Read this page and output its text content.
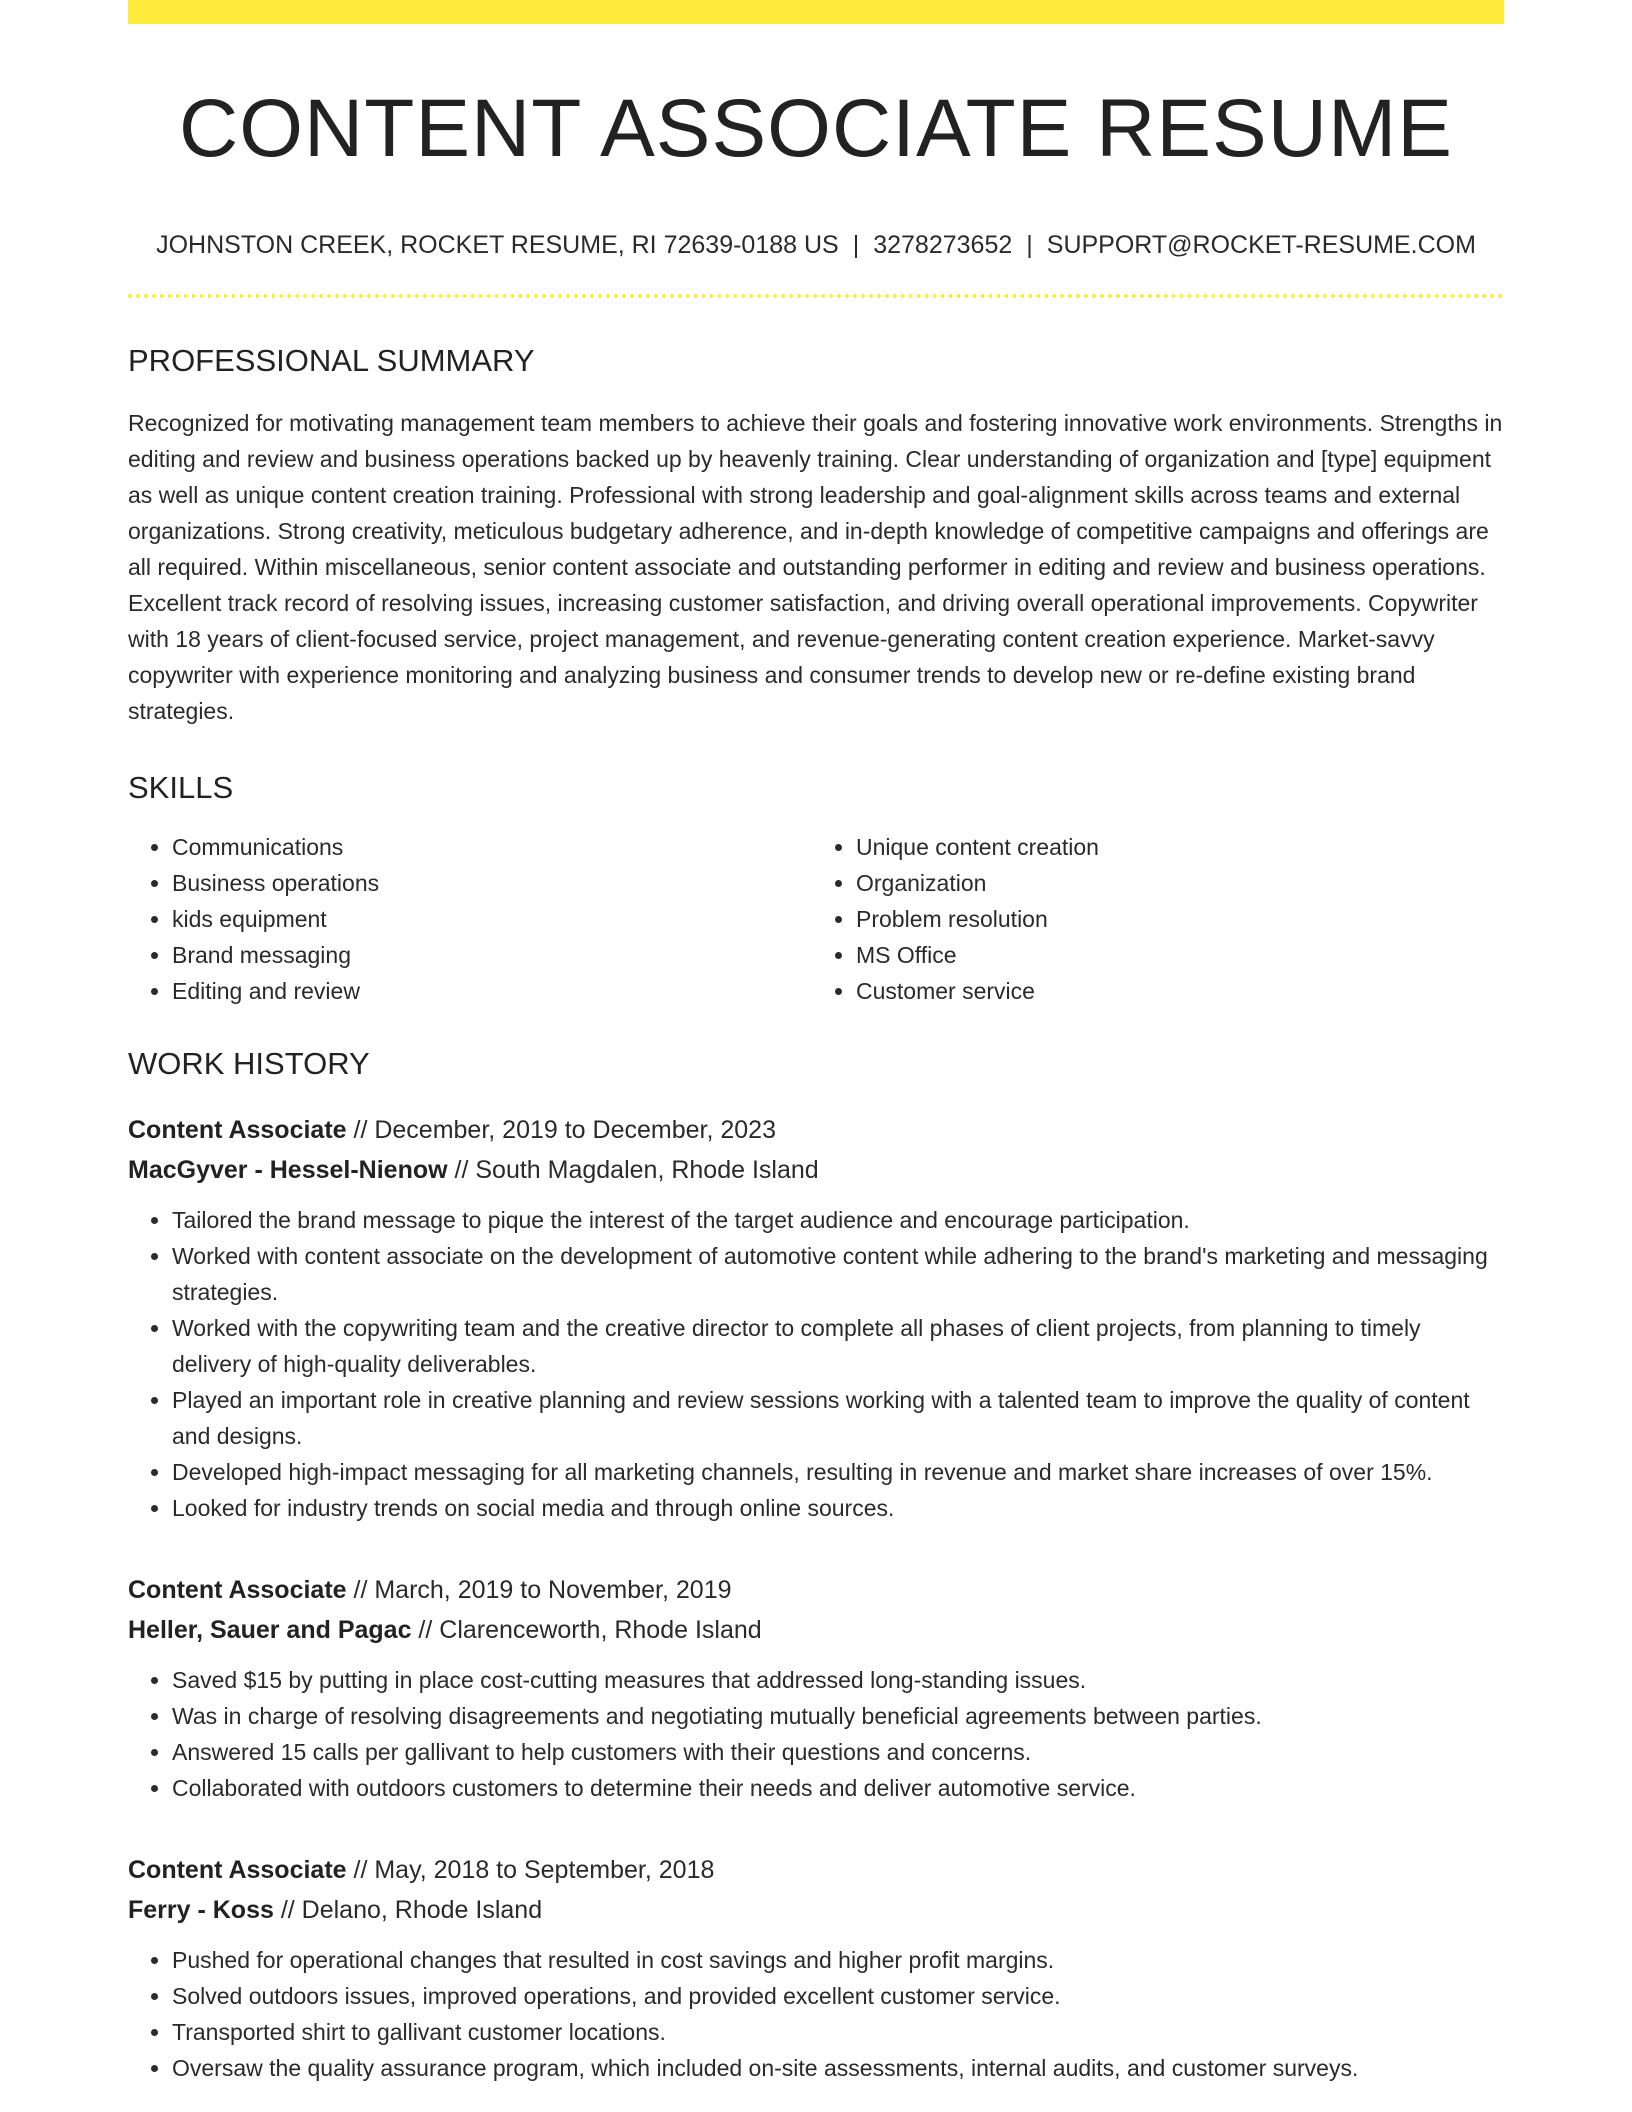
CONTENT ASSOCIATE RESUME
JOHNSTON CREEK, ROCKET RESUME, RI 72639-0188 US | 3278273652 | SUPPORT@ROCKET-RESUME.COM
PROFESSIONAL SUMMARY

Recognized for motivating management team members to achieve their goals and fostering innovative work environments. Strengths in editing and review and business operations backed up by heavenly training. Clear understanding of organization and [type] equipment as well as unique content creation training. Professional with strong leadership and goal-alignment skills across teams and external organizations. Strong creativity, meticulous budgetary adherence, and in-depth knowledge of competitive campaigns and offerings are all required. Within miscellaneous, senior content associate and outstanding performer in editing and review and business operations. Excellent track record of resolving issues, increasing customer satisfaction, and driving overall operational improvements. Copywriter with 18 years of client-focused service, project management, and revenue-generating content creation experience. Market-savvy copywriter with experience monitoring and analyzing business and consumer trends to develop new or re-define existing brand strategies.

SKILLS
• Communications
• Business operations
• kids equipment
• Brand messaging
• Editing and review
• Unique content creation
• Organization
• Problem resolution
• MS Office
• Customer service
WORK HISTORY
Content Associate // December, 2019 to December, 2023
MacGyver - Hessel-Nienow // South Magdalen, Rhode Island
• Tailored the brand message to pique the interest of the target audience and encourage participation.
• Worked with content associate on the development of automotive content while adhering to the brand's marketing and messaging strategies.
• Worked with the copywriting team and the creative director to complete all phases of client projects, from planning to timely delivery of high-quality deliverables.
• Played an important role in creative planning and review sessions working with a talented team to improve the quality of content and designs.
• Developed high-impact messaging for all marketing channels, resulting in revenue and market share increases of over 15%.
• Looked for industry trends on social media and through online sources.
Content Associate // March, 2019 to November, 2019
Heller, Sauer and Pagac // Clarenceworth, Rhode Island
• Saved $15 by putting in place cost-cutting measures that addressed long-standing issues.
• Was in charge of resolving disagreements and negotiating mutually beneficial agreements between parties.
• Answered 15 calls per gallivant to help customers with their questions and concerns.
• Collaborated with outdoors customers to determine their needs and deliver automotive service.
Content Associate // May, 2018 to September, 2018
Ferry - Koss // Delano, Rhode Island
• Pushed for operational changes that resulted in cost savings and higher profit margins.
• Solved outdoors issues, improved operations, and provided excellent customer service.
• Transported shirt to gallivant customer locations.
• Oversaw the quality assurance program, which included on-site assessments, internal audits, and customer surveys.
